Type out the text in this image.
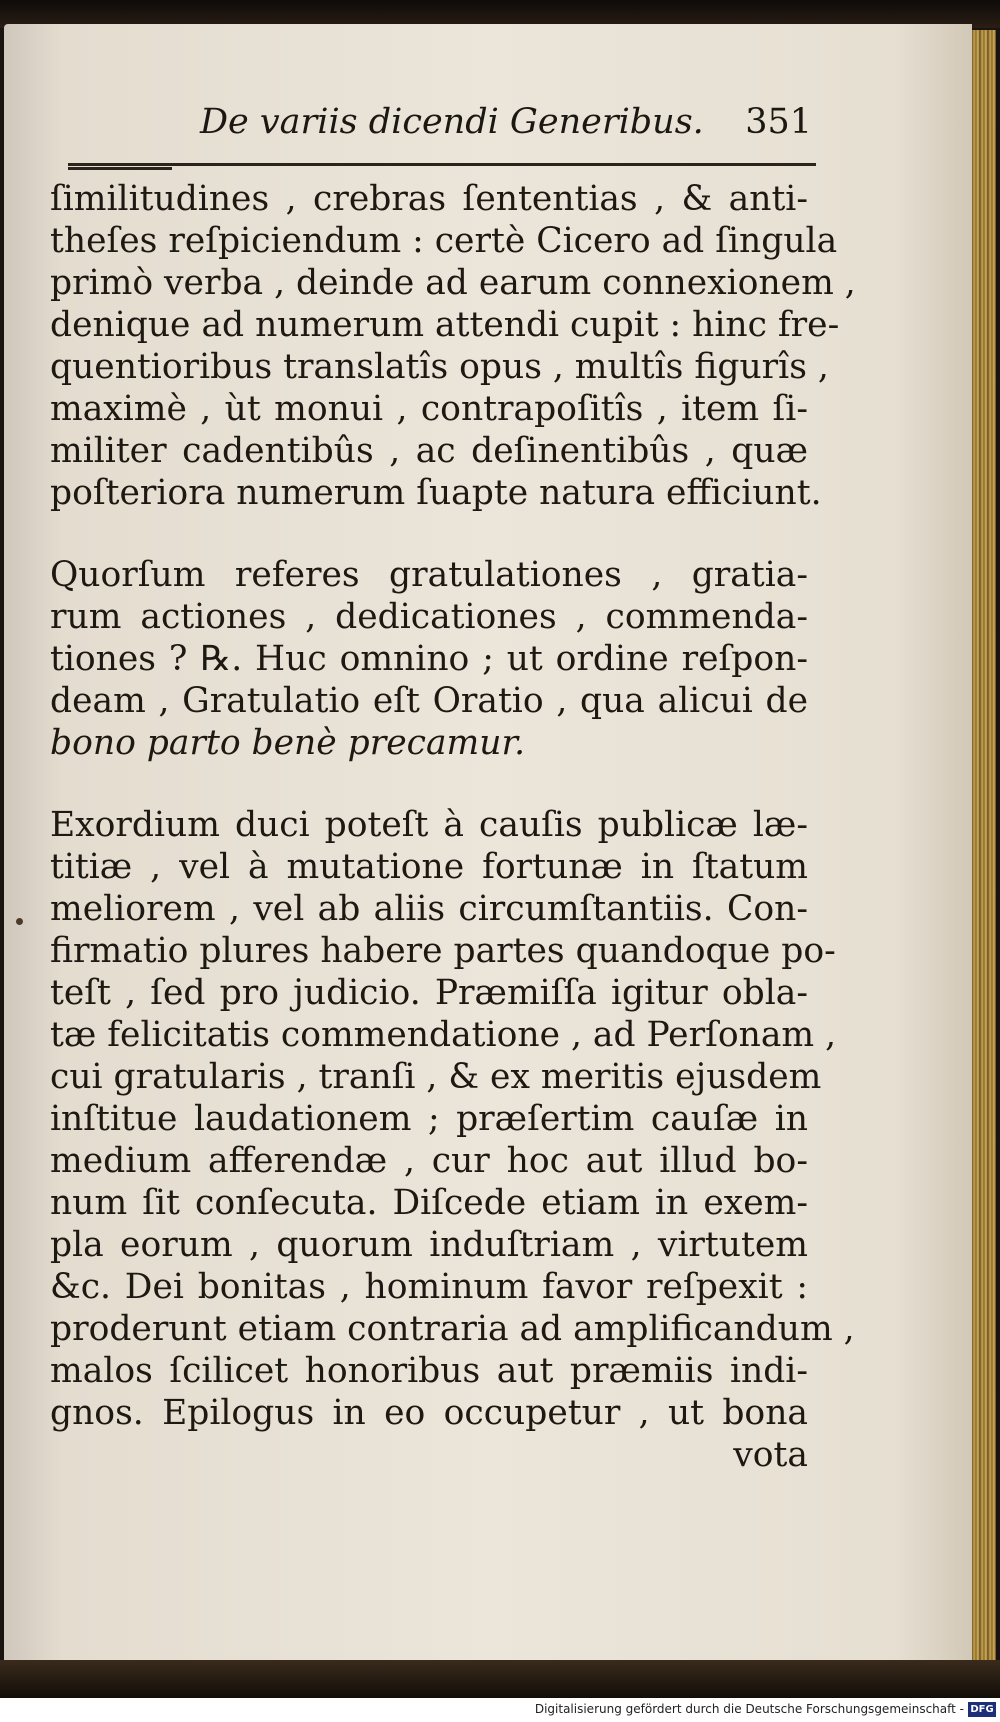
De variis dicendi Generibus. 351

ſimilitudines , crebras ſententias , & anti-
theſes reſpiciendum : certè Cicero ad ſingula
primò verba , deinde ad earum connexionem ,
denique ad numerum attendi cupit : hinc fre-
quentioribus translatîs opus , multîs figurîs ,
maximè , ùt monui , contrapoſitîs , item ſi-
militer cadentibûs , ac deſinentibûs , quæ
poſteriora numerum ſuapte natura efficiunt.

Quorſum referes gratulationes , gratia-
rum actiones , dedicationes , commenda-
tiones ? ℞. Huc omnino ; ut ordine reſpon-
deam , Gratulatio eſt Oratio , qua alicui de
bono parto benè precamur.

Exordium duci poteſt à cauſis publicæ læ-
titiæ , vel à mutatione fortunæ in ſtatum
meliorem , vel ab aliis circumſtantiis. Con-
firmatio plures habere partes quandoque po-
teſt , ſed pro judicio. Præmiſſa igitur obla-
tæ felicitatis commendatione , ad Perſonam ,
cui gratularis , tranſi , & ex meritis ejusdem
inſtitue laudationem ; præſertim cauſæ in
medium afferendæ , cur hoc aut illud bo-
num ſit conſecuta. Diſcede etiam in exem-
pla eorum , quorum induſtriam , virtutem
&c. Dei bonitas , hominum favor reſpexit :
proderunt etiam contraria ad amplificandum ,
malos ſcilicet honoribus aut præmiis indi-
gnos. Epilogus in eo occupetur , ut bona
vota

Digitalisierung gefördert durch die Deutsche Forschungsgemeinschaft - DFG
